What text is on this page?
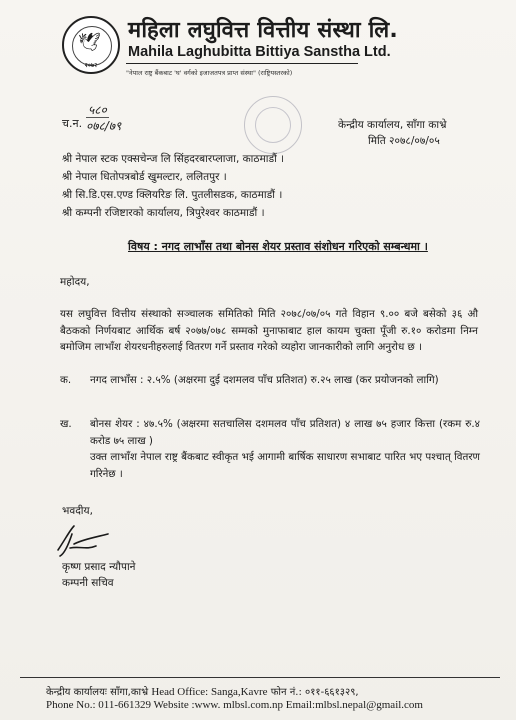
🕊
२०७२
महिला लघुवित्त वित्तीय संस्था लि.
Mahila Laghubitta Bittiya Sanstha Ltd.
"नेपाल राष्ट्र बैंकबाट 'घ' वर्गको इजाजतपत्र प्राप्त संस्था" (राष्ट्रियस्तरको)
च.न.
५८०
०७८/७९	केन्द्रीय कार्यालय, साँगा काभ्रे
मिति २०७८/०७/०५
श्री नेपाल स्टक एक्सचेन्ज लि सिंहदरबारप्लाजा, काठमाडौं ।
श्री नेपाल धितोपत्रबोर्ड खुमल्टार, ललितपुर ।
श्री सि.डि.एस.एण्ड क्लियरिङ लि. पुतलीसडक, काठमाडौं ।
श्री कम्पनी रजिष्टारको कार्यालय, त्रिपुरेश्वर काठमाडौं ।
विषय : नगद लाभाँस तथा बोनस शेयर प्रस्ताव संशोधन गरिएको सम्बन्धमा ।
महोदय,
यस लघुवित्त वित्तीय संस्थाको सञ्चालक समितिको मिति २०७८/०७/०५ गते विहान ९.०० बजे बसेको ३६ औ बैठकको निर्णयबाट आर्थिक बर्ष २०७७/०७८ सम्मको मुनाफाबाट हाल कायम चुक्ता पूँजी रु.१० करोडमा निम्न बमोजिम लाभाँश शेयरधनीहरुलाई वितरण गर्ने प्रस्ताव गरेको व्यहोरा जानकारीको लागि अनुरोध छ ।
क. नगद लाभाँस : २.५% (अक्षरमा दुई दशमलव पाँच प्रतिशत) रु.२५ लाख (कर प्रयोजनको लागि)
ख. बोनस शेयर : ४७.५% (अक्षरमा सतचालिस दशमलव पाँच प्रतिशत) ४ लाख ७५ हजार कित्ता (रकम रु.४ करोड ७५ लाख )
उक्त लाभाँश नेपाल राष्ट्र बैंकबाट स्वीकृत भई आगामी बार्षिक साधारण सभाबाट पारित भए पश्चात् वितरण गरिनेछ ।
भवदीय,
कृष्ण प्रसाद न्यौपाने
कम्पनी सचिव
केन्द्रीय कार्यालयः साँगा,काभ्रे Head Office: Sanga,Kavre फोन नं.: ०११-६६१३२९,
Phone No.: 011-661329 Website :www. mlbsl.com.np Email:mlbsl.nepal@gmail.com
